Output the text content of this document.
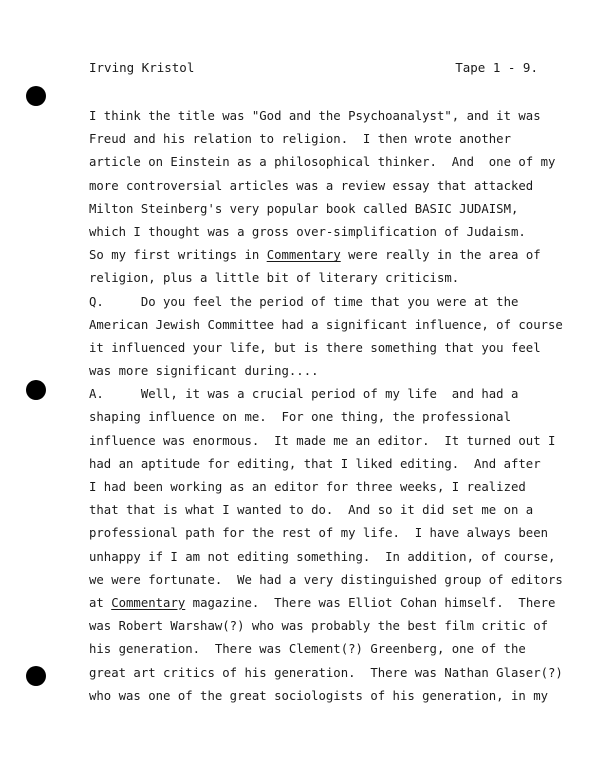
Irving Kristol	Tape 1 - 9.
I think the title was "God and the Psychoanalyst", and it was
Freud and his relation to religion.  I then wrote another
article on Einstein as a philosophical thinker.  And  one of my
more controversial articles was a review essay that attacked
Milton Steinberg's very popular book called BASIC JUDAISM,
which I thought was a gross over-simplification of Judaism.
So my first writings in Commentary were really in the area of
religion, plus a little bit of literary criticism.
Q.     Do you feel the period of time that you were at the
American Jewish Committee had a significant influence, of course
it influenced your life, but is there something that you feel
was more significant during....
A.     Well, it was a crucial period of my life  and had a
shaping influence on me.  For one thing, the professional
influence was enormous.  It made me an editor.  It turned out I
had an aptitude for editing, that I liked editing.  And after
I had been working as an editor for three weeks, I realized
that that is what I wanted to do.  And so it did set me on a
professional path for the rest of my life.  I have always been
unhappy if I am not editing something.  In addition, of course,
we were fortunate.  We had a very distinguished group of editors
at Commentary magazine.  There was Elliot Cohan himself.  There
was Robert Warshaw(?) who was probably the best film critic of
his generation.  There was Clement(?) Greenberg, one of the
great art critics of his generation.  There was Nathan Glaser(?)
who was one of the great sociologists of his generation, in my
